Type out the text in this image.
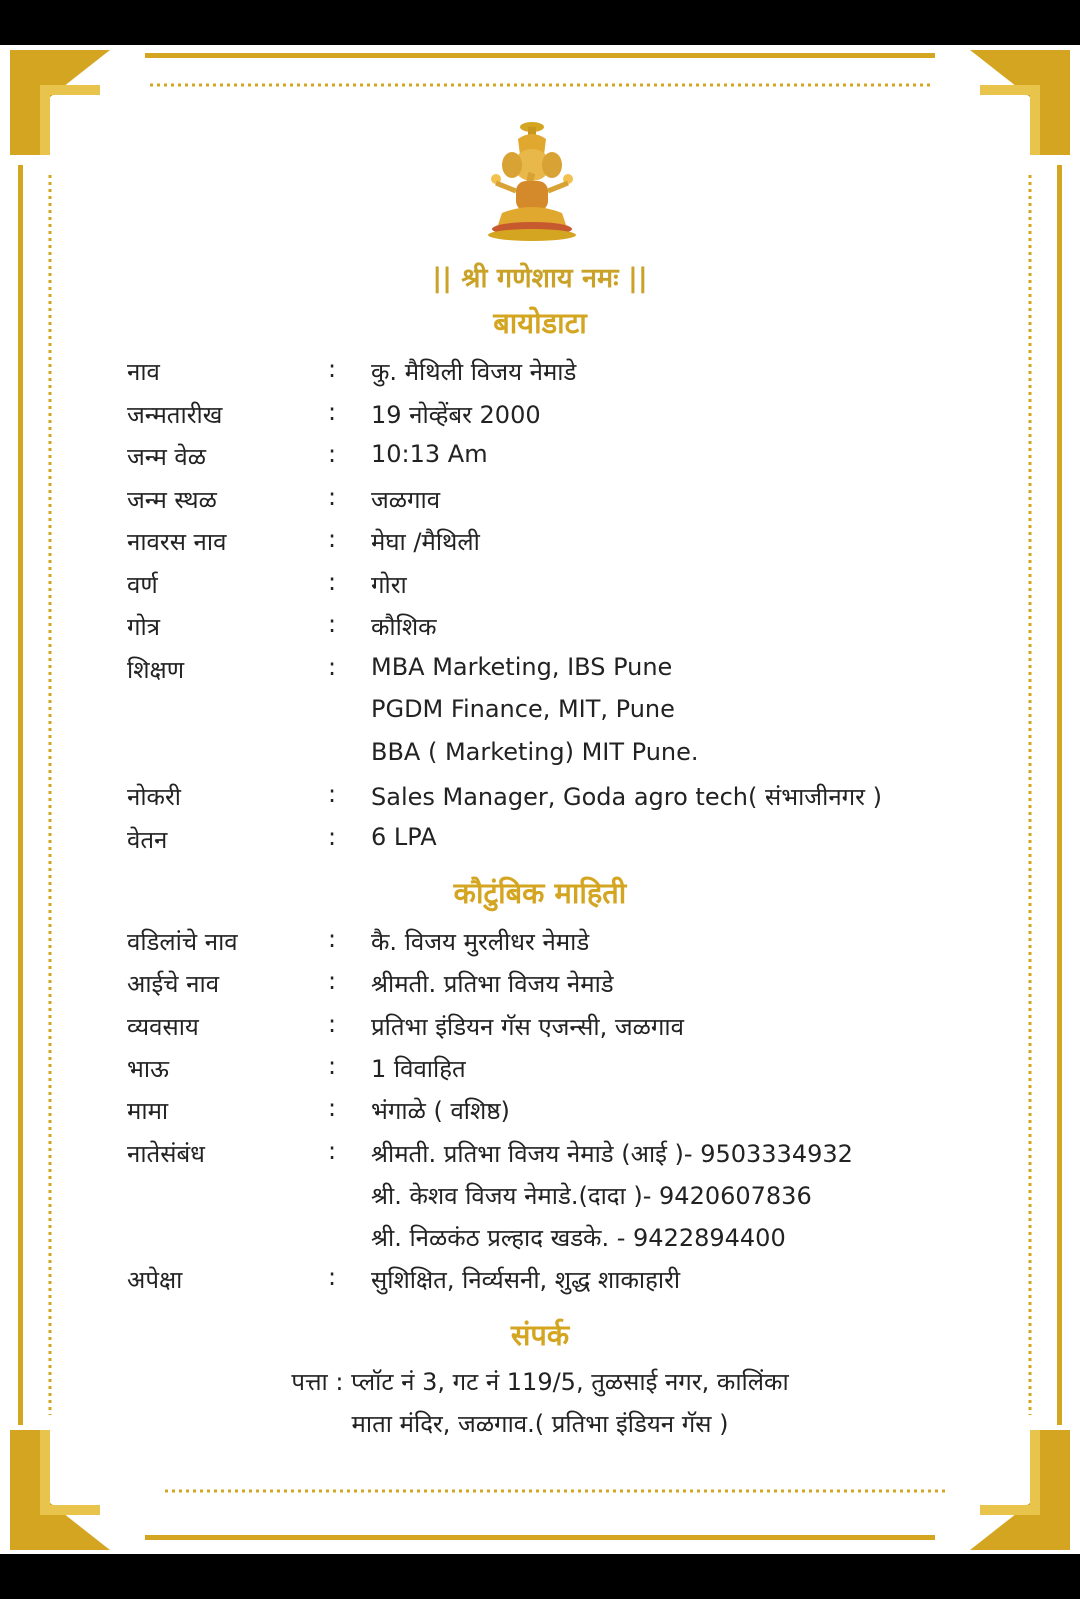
|| श्री गणेशाय नमः ||
बायोडाटा
नाव	: कु. मैथिली विजय नेमाडे
जन्मतारीख	: 19 नोव्हेंबर 2000
जन्म वेळ	: 10:13 Am
जन्म स्थळ	: जळगाव
नावरस नाव	: मेघा /मैथिली
वर्ण	: गोरा
गोत्र	: कौशिक
शिक्षण	: MBA Marketing, IBS Pune
PGDM Finance, MIT, Pune
BBA ( Marketing) MIT Pune.
नोकरी	: Sales Manager, Goda agro tech( संभाजीनगर )
वेतन	: 6 LPA
कौटुंबिक माहिती
वडिलांचे नाव	: कै. विजय मुरलीधर नेमाडे
आईचे नाव	: श्रीमती. प्रतिभा विजय नेमाडे
व्यवसाय	: प्रतिभा इंडियन गॅस एजन्सी, जळगाव
भाऊ	: 1 विवाहित
मामा	: भंगाळे ( वशिष्ठ)
नातेसंबंध	: श्रीमती. प्रतिभा विजय नेमाडे (आई )- 9503334932
श्री. केशव विजय नेमाडे.(दादा )- 9420607836
श्री. निळकंठ प्रल्हाद खडके. - 9422894400
अपेक्षा	: सुशिक्षित, निर्व्यसनी, शुद्ध शाकाहारी
संपर्क
पत्ता : प्लॉट नं 3, गट नं 119/5, तुळसाई नगर, कालिंका
माता मंदिर, जळगाव.( प्रतिभा इंडियन गॅस )
